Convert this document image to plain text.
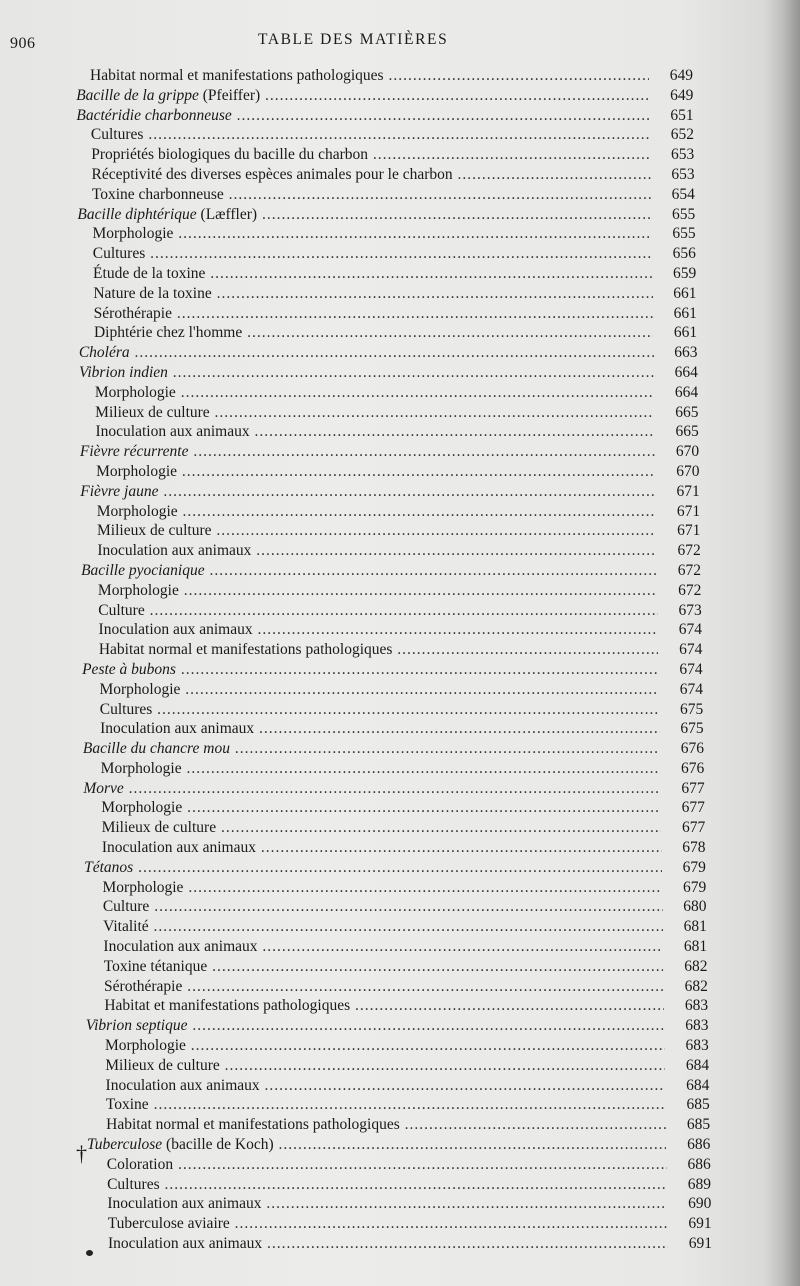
906	TABLE DES MATIÈRES
Habitat normal et manifestations pathologiques .....	649
Bacille de la grippe (Pfeiffer) .....	649
Bactéridie charbonneuse .....	651
Cultures .....	652
Propriétés biologiques du bacille du charbon .....	653
Réceptivité des diverses espèces animales pour le charbon .....	653
Toxine charbonneuse .....	654
Bacille diphtérique (Læffler) .....	655
Morphologie .....	655
Cultures .....	656
Étude de la toxine .....	659
Nature de la toxine .....	661
Sérothérapie .....	661
Diphtérie chez l'homme .....	661
Choléra .....	663
Vibrion indien .....	664
Morphologie .....	664
Milieux de culture .....	665
Inoculation aux animaux .....	665
Fièvre récurrente .....	670
Morphologie .....	670
Fièvre jaune .....	671
Morphologie .....	671
Milieux de culture .....	671
Inoculation aux animaux .....	672
Bacille pyocianique .....	672
Morphologie .....	672
Culture .....	673
Inoculation aux animaux .....	674
Habitat normal et manifestations pathologiques .....	674
Peste à bubons .....	674
Morphologie .....	674
Cultures .....	675
Inoculation aux animaux .....	675
Bacille du chancre mou .....	676
Morphologie .....	676
Morve .....	677
Morphologie .....	677
Milieux de culture .....	677
Inoculation aux animaux .....	678
Tétanos .....	679
Morphologie .....	679
Culture .....	680
Vitalité .....	681
Inoculation aux animaux .....	681
Toxine tétanique .....	682
Sérothérapie .....	682
Habitat et manifestations pathologiques .....	683
Vibrion septique .....	683
Morphologie .....	683
Milieux de culture .....	684
Inoculation aux animaux .....	684
Toxine .....	685
Habitat normal et manifestations pathologiques .....	685
Tuberculose (bacille de Koch) .....	686
Coloration .....	686
Cultures .....	689
Inoculation aux animaux .....	690
Tuberculose aviaire .....	691
Inoculation aux animaux .....	691
†
